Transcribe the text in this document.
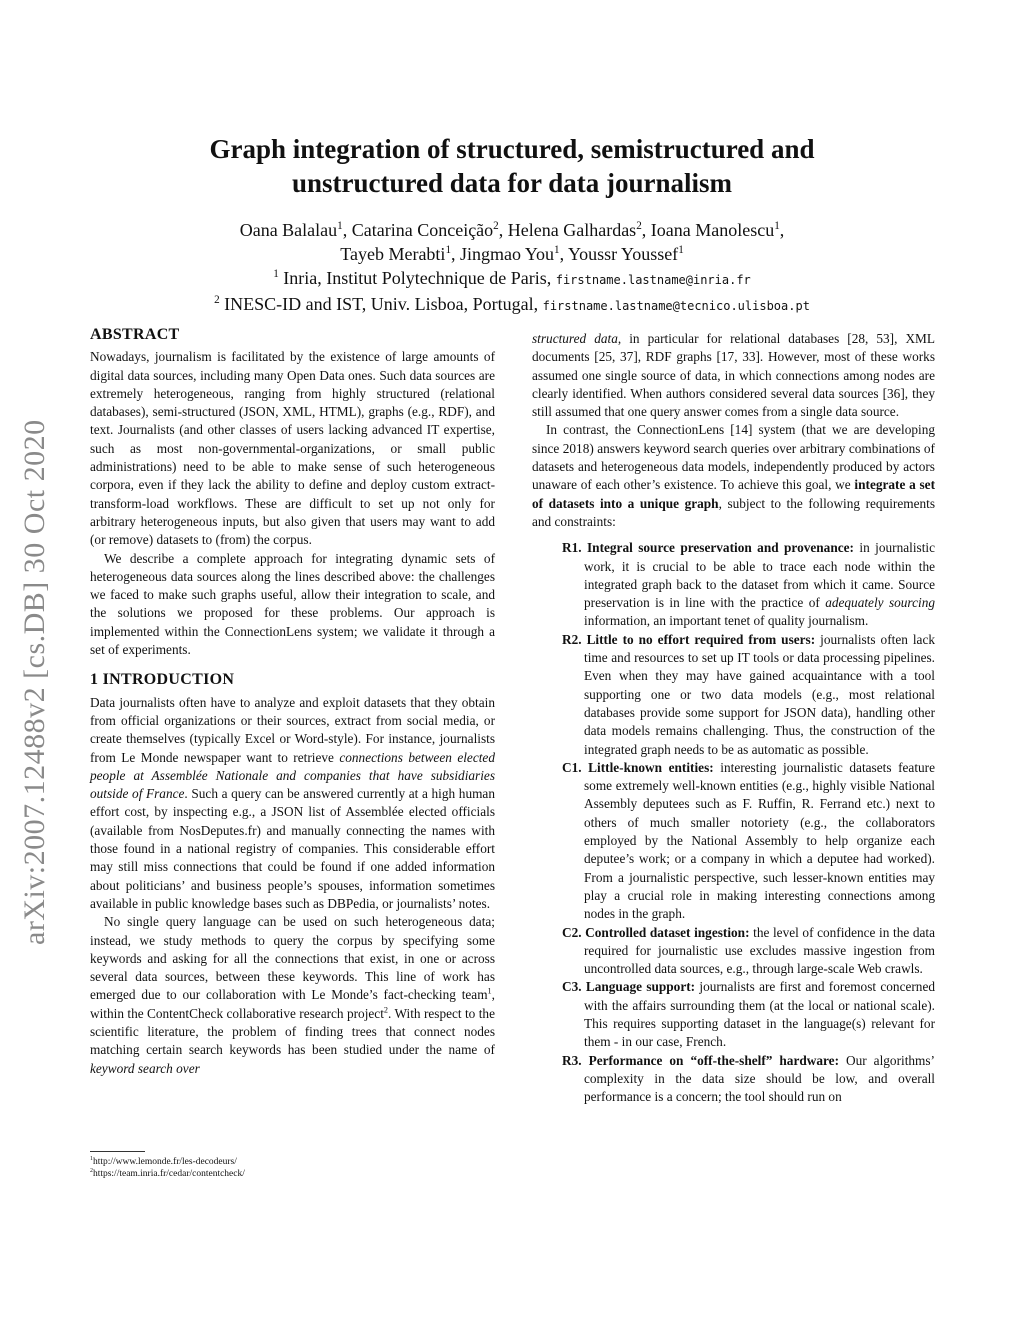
arXiv:2007.12488v2 [cs.DB] 30 Oct 2020
Graph integration of structured, semistructured and
unstructured data for data journalism
Oana Balalau$^1$, Catarina Conceição$^2$, Helena Galhardas$^2$, Ioana Manolescu$^1$,
Tayeb Merabti$^1$, Jingmao You$^1$, Youssr Youssef$^1$
$^1$ Inria, Institut Polytechnique de Paris, firstname.lastname@inria.fr
$^2$ INESC-ID and IST, Univ. Lisboa, Portugal, firstname.lastname@tecnico.ulisboa.pt
ABSTRACT

Nowadays, journalism is facilitated by the existence of large amounts of digital data sources, including many Open Data ones. Such data sources are extremely heterogeneous, ranging from highly structured (relational databases), semi-structured (JSON, XML, HTML), graphs (e.g., RDF), and text. Journalists (and other classes of users lacking advanced IT expertise, such as most non-governmental-organizations, or small public administrations) need to be able to make sense of such heterogeneous corpora, even if they lack the ability to define and deploy custom extract-transform-load workflows. These are difficult to set up not only for arbitrary heterogeneous inputs, but also given that users may want to add (or remove) datasets to (from) the corpus.

We describe a complete approach for integrating dynamic sets of heterogeneous data sources along the lines described above: the challenges we faced to make such graphs useful, allow their integration to scale, and the solutions we proposed for these problems. Our approach is implemented within the ConnectionLens system; we validate it through a set of experiments.

1 INTRODUCTION

Data journalists often have to analyze and exploit datasets that they obtain from official organizations or their sources, extract from social media, or create themselves (typically Excel or Word-style). For instance, journalists from Le Monde newspaper want to retrieve connections between elected people at Assemblée Nationale and companies that have subsidiaries outside of France. Such a query can be answered currently at a high human effort cost, by inspecting e.g., a JSON list of Assemblée elected officials (available from NosDeputes.fr) and manually connecting the names with those found in a national registry of companies. This considerable effort may still miss connections that could be found if one added information about politicians’ and business people’s spouses, information sometimes available in public knowledge bases such as DBPedia, or journalists’ notes.

No single query language can be used on such heterogeneous data; instead, we study methods to query the corpus by specifying some keywords and asking for all the connections that exist, in one or across several data sources, between these keywords. This line of work has emerged due to our collaboration with Le Monde’s fact-checking team$^1$, within the ContentCheck collaborative research project$^2$. With respect to the scientific literature, the problem of finding trees that connect nodes matching certain search keywords has been studied under the name of keyword search over

$^1$http://www.lemonde.fr/les-decodeurs/
$^2$https://team.inria.fr/cedar/contentcheck/

structured data, in particular for relational databases [28, 53], XML documents [25, 37], RDF graphs [17, 33]. However, most of these works assumed one single source of data, in which connections among nodes are clearly identified. When authors considered several data sources [36], they still assumed that one query answer comes from a single data source.

In contrast, the ConnectionLens [14] system (that we are developing since 2018) answers keyword search queries over arbitrary combinations of datasets and heterogeneous data models, independently produced by actors unaware of each other’s existence. To achieve this goal, we integrate a set of datasets into a unique graph, subject to the following requirements and constraints:

R1. Integral source preservation and provenance: in journalistic work, it is crucial to be able to trace each node within the integrated graph back to the dataset from which it came. Source preservation is in line with the practice of adequately sourcing information, an important tenet of quality journalism.
R2. Little to no effort required from users: journalists often lack time and resources to set up IT tools or data processing pipelines. Even when they may have gained acquaintance with a tool supporting one or two data models (e.g., most relational databases provide some support for JSON data), handling other data models remains challenging. Thus, the construction of the integrated graph needs to be as automatic as possible.
C1. Little-known entities: interesting journalistic datasets feature some extremely well-known entities (e.g., highly visible National Assembly deputees such as F. Ruffin, R. Ferrand etc.) next to others of much smaller notoriety (e.g., the collaborators employed by the National Assembly to help organize each deputee’s work; or a company in which a deputee had worked). From a journalistic perspective, such lesser-known entities may play a crucial role in making interesting connections among nodes in the graph.
C2. Controlled dataset ingestion: the level of confidence in the data required for journalistic use excludes massive ingestion from uncontrolled data sources, e.g., through large-scale Web crawls.
C3. Language support: journalists are first and foremost concerned with the affairs surrounding them (at the local or national scale). This requires supporting dataset in the language(s) relevant for them - in our case, French.
R3. Performance on “off-the-shelf” hardware: Our algorithms’ complexity in the data size should be low, and overall performance is a concern; the tool should run on
